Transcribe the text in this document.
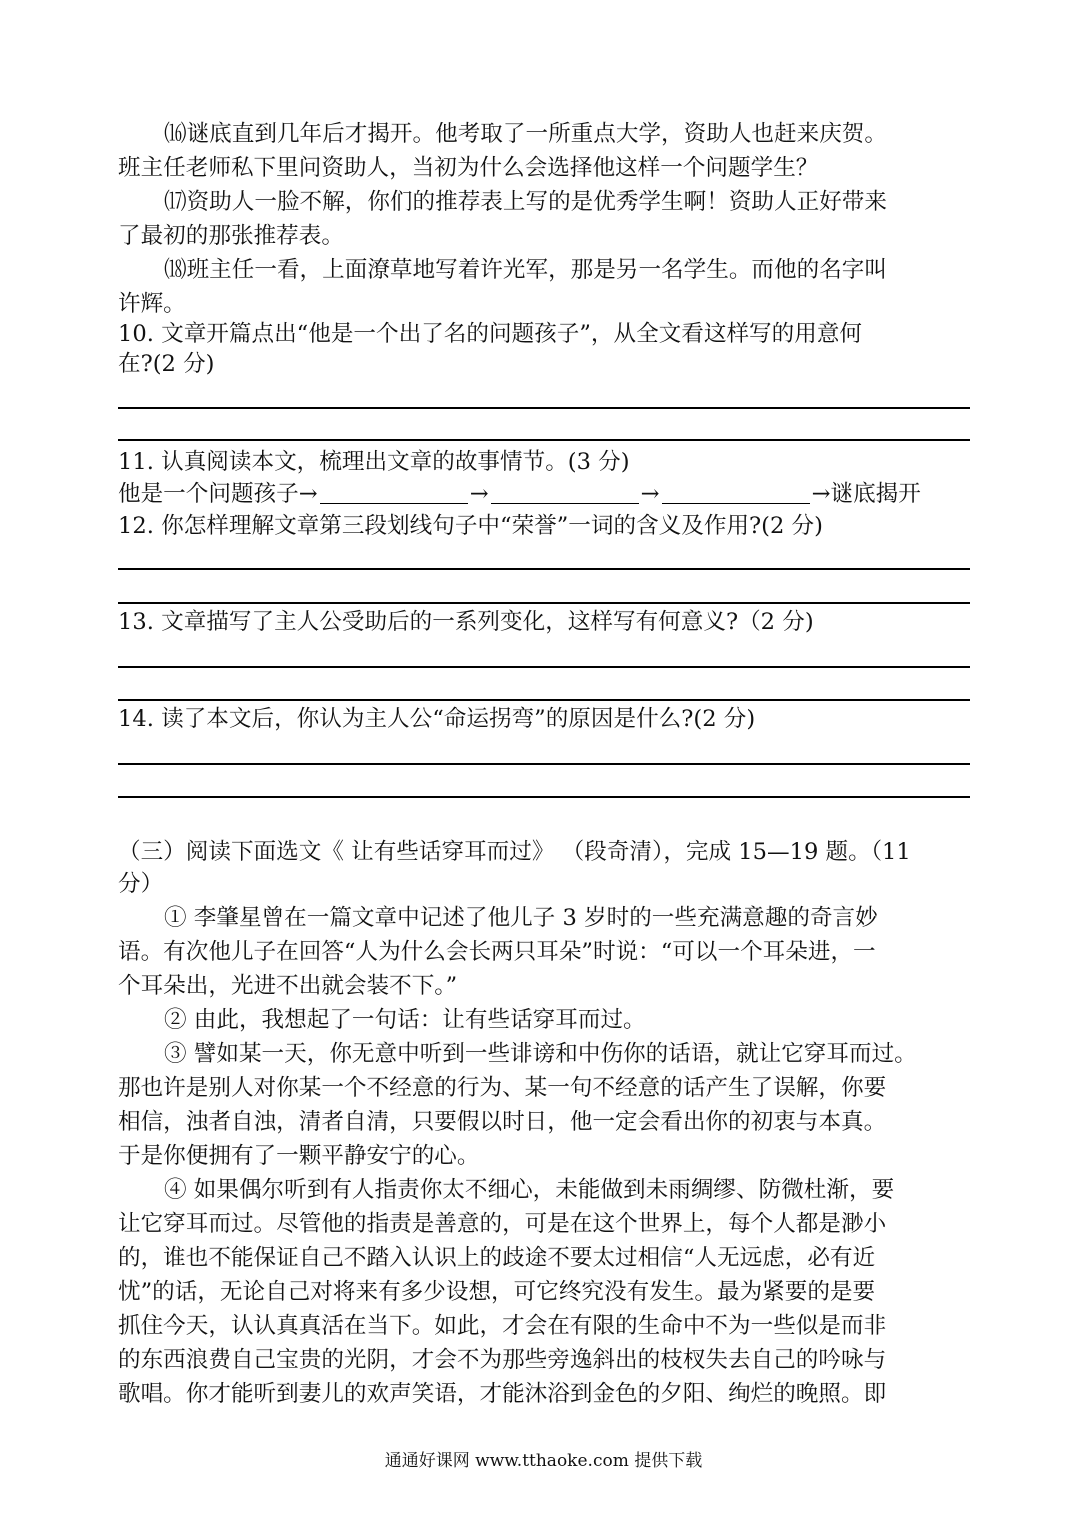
⒃谜底直到几年后才揭开。他考取了一所重点大学，资助人也赶来庆贺。
班主任老师私下里问资助人，当初为什么会选择他这样一个问题学生？
⒄资助人一脸不解，你们的推荐表上写的是优秀学生啊！资助人正好带来
了最初的那张推荐表。
⒅班主任一看，上面潦草地写着许光军，那是另一名学生。而他的名字叫
许辉。
10. 文章开篇点出“他是一个出了名的问题孩子”，从全文看这样写的用意何
在?(2 分)
11. 认真阅读本文，梳理出文章的故事情节。(3 分)
他是一个问题孩子 →	→	→	→ 谜底揭开
12. 你怎样理解文章第三段划线句子中“荣誉”一词的含义及作用?(2 分)
13. 文章描写了主人公受助后的一系列变化，这样写有何意义?（2 分)
14. 读了本文后，你认为主人公“命运拐弯”的原因是什么?(2 分)
（三）阅读下面选文《 让有些话穿耳而过》 （段奇清），完成 15—19 题。（11
分）
① 李肇星曾在一篇文章中记述了他儿子 3 岁时的一些充满意趣的奇言妙
语。有次他儿子在回答“人为什么会长两只耳朵”时说：“可以一个耳朵进，一
个耳朵出，光进不出就会装不下。”
② 由此，我想起了一句话：让有些话穿耳而过。
③ 譬如某一天，你无意中听到一些诽谤和中伤你的话语，就让它穿耳而过。
那也许是别人对你某一个不经意的行为、某一句不经意的话产生了误解，你要
相信，浊者自浊，清者自清，只要假以时日，他一定会看出你的初衷与本真。
于是你便拥有了一颗平静安宁的心。
④ 如果偶尔听到有人指责你太不细心，未能做到未雨绸缪、防微杜渐，要
让它穿耳而过。尽管他的指责是善意的，可是在这个世界上，每个人都是渺小
的，谁也不能保证自己不踏入认识上的歧途不要太过相信“人无远虑，必有近
忧”的话，无论自己对将来有多少设想，可它终究没有发生。最为紧要的是要
抓住今天，认认真真活在当下。如此，才会在有限的生命中不为一些似是而非
的东西浪费自己宝贵的光阴，才会不为那些旁逸斜出的枝杈失去自己的吟咏与
歌唱。你才能听到妻儿的欢声笑语，才能沐浴到金色的夕阳、绚烂的晚照。即
通通好课网 www.tthaoke.com 提供下载
